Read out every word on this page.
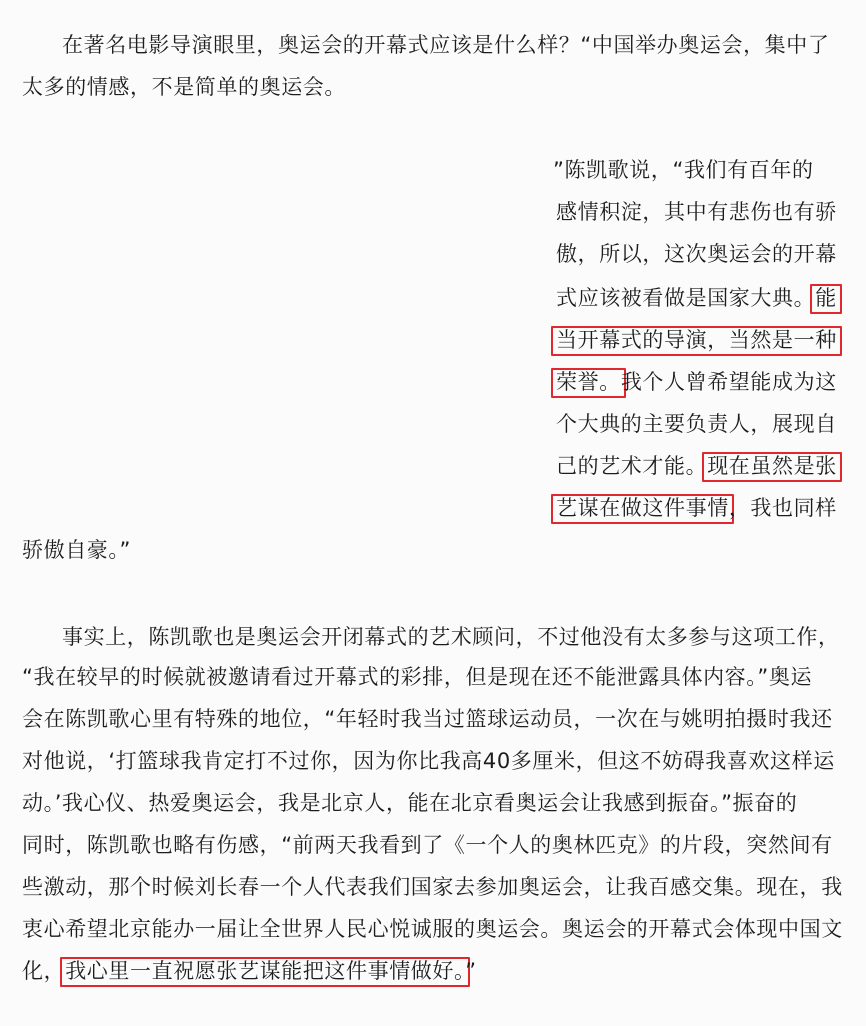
在著名电影导演眼里，奥运会的开幕式应该是什么样？“中国举办奥运会，集中了
太多的情感，不是简单的奥运会。
”陈凯歌说，“我们有百年的
感情积淀，其中有悲伤也有骄
傲，所以，这次奥运会的开幕
式应该被看做是国家大典。能
当开幕式的导演，当然是一种
荣誉。我个人曾希望能成为这
个大典的主要负责人，展现自
己的艺术才能。现在虽然是张
艺谋在做这件事情，我也同样
骄傲自豪。”
事实上，陈凯歌也是奥运会开闭幕式的艺术顾问，不过他没有太多参与这项工作，
“我在较早的时候就被邀请看过开幕式的彩排，但是现在还不能泄露具体内容。”奥运
会在陈凯歌心里有特殊的地位，“年轻时我当过篮球运动员，一次在与姚明拍摄时我还
对他说，‘打篮球我肯定打不过你，因为你比我高40多厘米，但这不妨碍我喜欢这样运
动。’我心仪、热爱奥运会，我是北京人，能在北京看奥运会让我感到振奋。”振奋的
同时，陈凯歌也略有伤感，“前两天我看到了《一个人的奥林匹克》的片段，突然间有
些激动，那个时候刘长春一个人代表我们国家去参加奥运会，让我百感交集。现在，我
衷心希望北京能办一届让全世界人民心悦诚服的奥运会。奥运会的开幕式会体现中国文
化，我心里一直祝愿张艺谋能把这件事情做好。”
